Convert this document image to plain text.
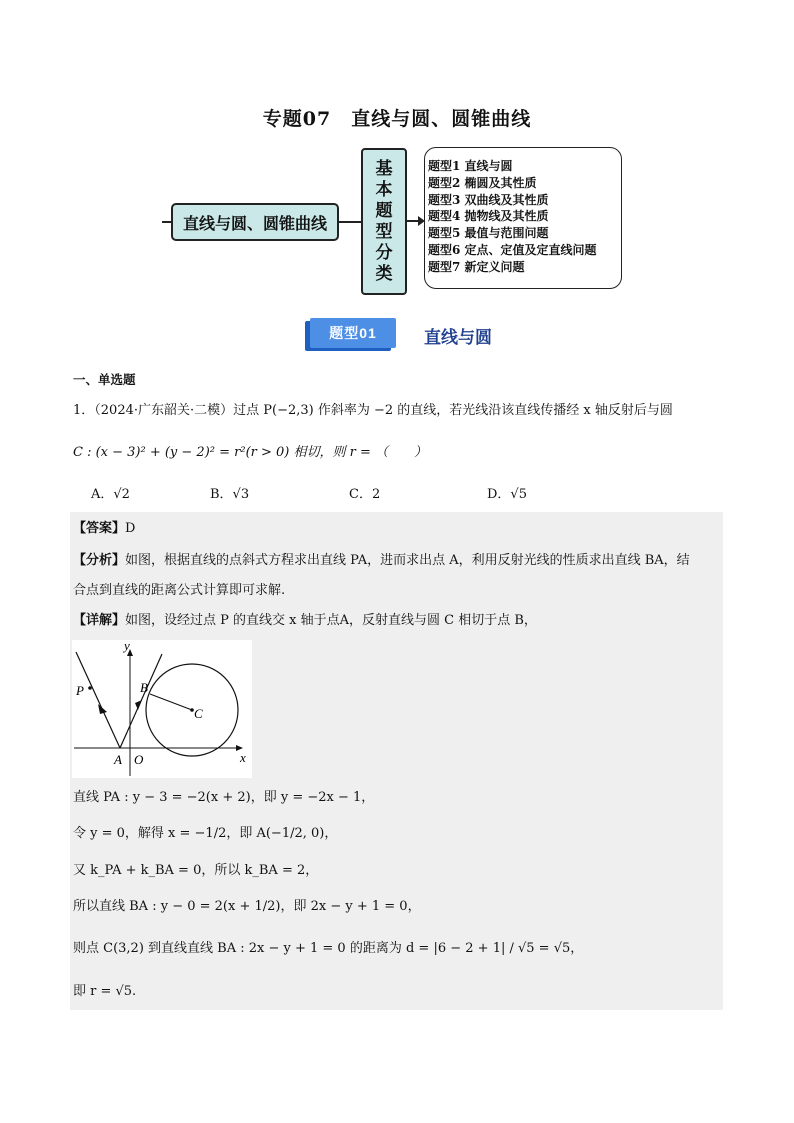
专题07　直线与圆、圆锥曲线
直线与圆、圆锥曲线
基
本
题
型
分
类
题型1 直线与圆
题型2 椭圆及其性质
题型3 双曲线及其性质
题型4 抛物线及其性质
题型5 最值与范围问题
题型6 定点、定值及定直线问题
题型7 新定义问题
题型01	直线与圆
一、单选题
1．（2024·广东韶关·二模）过点 P(−2,3) 作斜率为 −2 的直线，若光线沿该直线传播经 x 轴反射后与圆
C : (x − 3)² + (y − 2)² = r²(r > 0) 相切，则 r = （　　）
A．√2	B．√3	C．2	D．√5
【答案】D
【分析】如图，根据直线的点斜式方程求出直线 PA，进而求出点 A，利用反射光线的性质求出直线 BA，结
合点到直线的距离公式计算即可求解.
【详解】如图，设经过点 P 的直线交 x 轴于点A，反射直线与圆 C 相切于点 B，
y
x
P	B
C
A O
直线 PA : y − 3 = −2(x + 2)，即 y = −2x − 1，
令 y = 0，解得 x = −1/2，即 A(−1/2, 0)，
又 k_PA + k_BA = 0，所以 k_BA = 2，
所以直线 BA : y − 0 = 2(x + 1/2)，即 2x − y + 1 = 0，
则点 C(3,2) 到直线直线 BA : 2x − y + 1 = 0 的距离为 d = |6 − 2 + 1| / √5 = √5，
即 r = √5.
